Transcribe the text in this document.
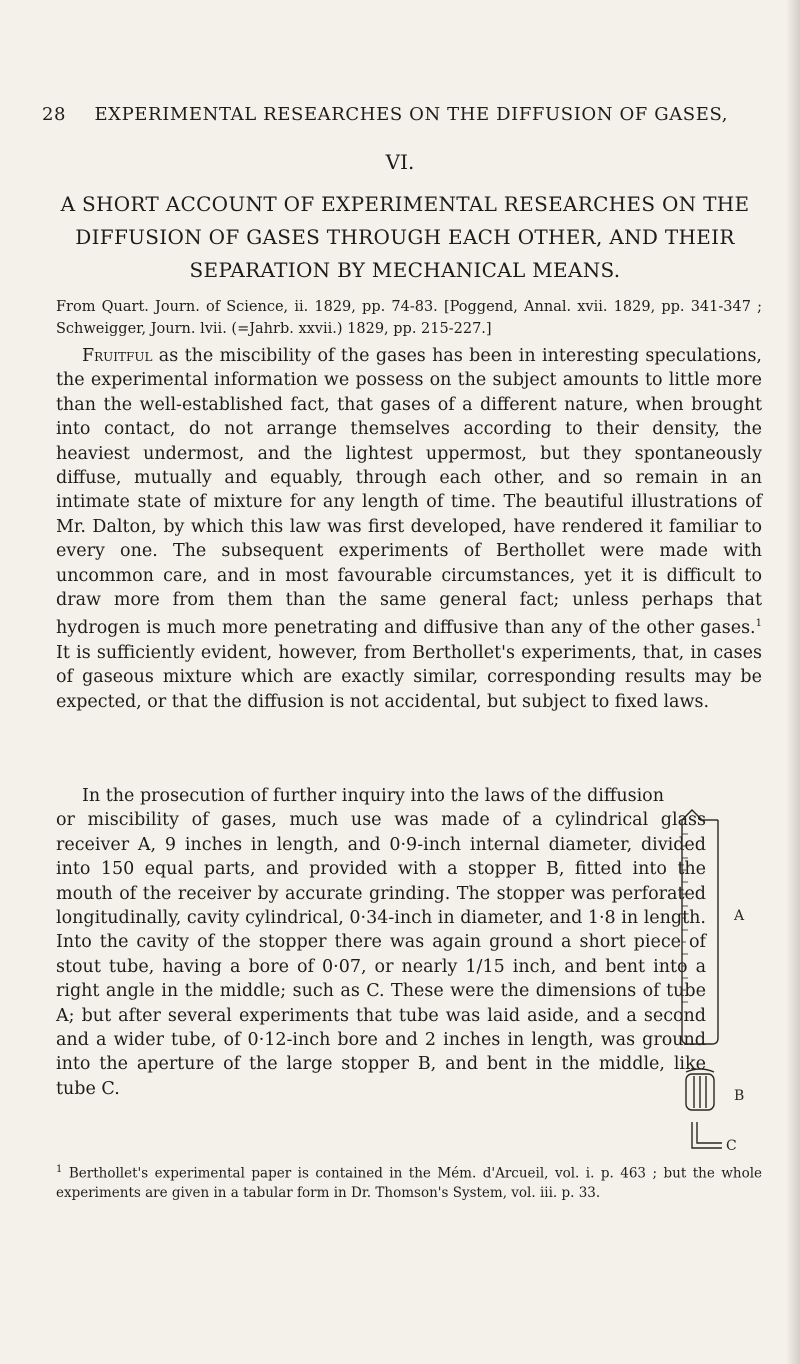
28 EXPERIMENTAL RESEARCHES ON THE DIFFUSION OF GASES,
VI.
A SHORT ACCOUNT OF EXPERIMENTAL RESEARCHES ON THE DIFFUSION OF GASES THROUGH EACH OTHER, AND THEIR SEPARATION BY MECHANICAL MEANS.
From Quart. Journ. of Science, ii. 1829, pp. 74-83. [Poggend, Annal. xvii. 1829, pp. 341-347 ; Schweigger, Journ. lvii. (=Jahrb. xxvii.) 1829, pp. 215-227.]

Fruitful as the miscibility of the gases has been in interesting speculations, the experimental information we possess on the subject amounts to little more than the well-established fact, that gases of a different nature, when brought into contact, do not arrange themselves according to their density, the heaviest undermost, and the lightest uppermost, but they spontaneously diffuse, mutually and equably, through each other, and so remain in an intimate state of mixture for any length of time. The beautiful illustrations of Mr. Dalton, by which this law was first developed, have rendered it familiar to every one. The subsequent experiments of Berthollet were made with uncommon care, and in most favourable circumstances, yet it is difficult to draw more from them than the same general fact; unless perhaps that hydrogen is much more penetrating and diffusive than any of the other gases.$^1$ It is sufficiently evident, however, from Berthollet's experiments, that, in cases of gaseous mixture which are exactly similar, corresponding results may be expected, or that the diffusion is not accidental, but subject to fixed laws.

In the prosecution of further inquiry into the laws of the diffusion
or miscibility of gases, much use was made of a cylindrical glass receiver A, 9 inches in length, and 0·9-inch internal diameter, divided into 150 equal parts, and provided with a stopper B, fitted into the mouth of the receiver by accurate grinding. The stopper was perforated longitudinally, cavity cylindrical, 0·34-inch in diameter, and 1·8 in length. Into the cavity of the stopper there was again ground a short piece of stout tube, having a bore of 0·07, or nearly 1/15 inch, and bent into a right angle in the middle; such as C. These were the dimensions of tube A; but after several experiments that tube was laid aside, and a second and a wider tube, of 0·12-inch bore and 2 inches in length, was ground into the aperture of the large stopper B, and bent in the middle, like tube C.
A
B
C
$^1$ Berthollet's experimental paper is contained in the Mém. d'Arcueil, vol. i. p. 463 ; but the whole experiments are given in a tabular form in Dr. Thomson's System, vol. iii. p. 33.
